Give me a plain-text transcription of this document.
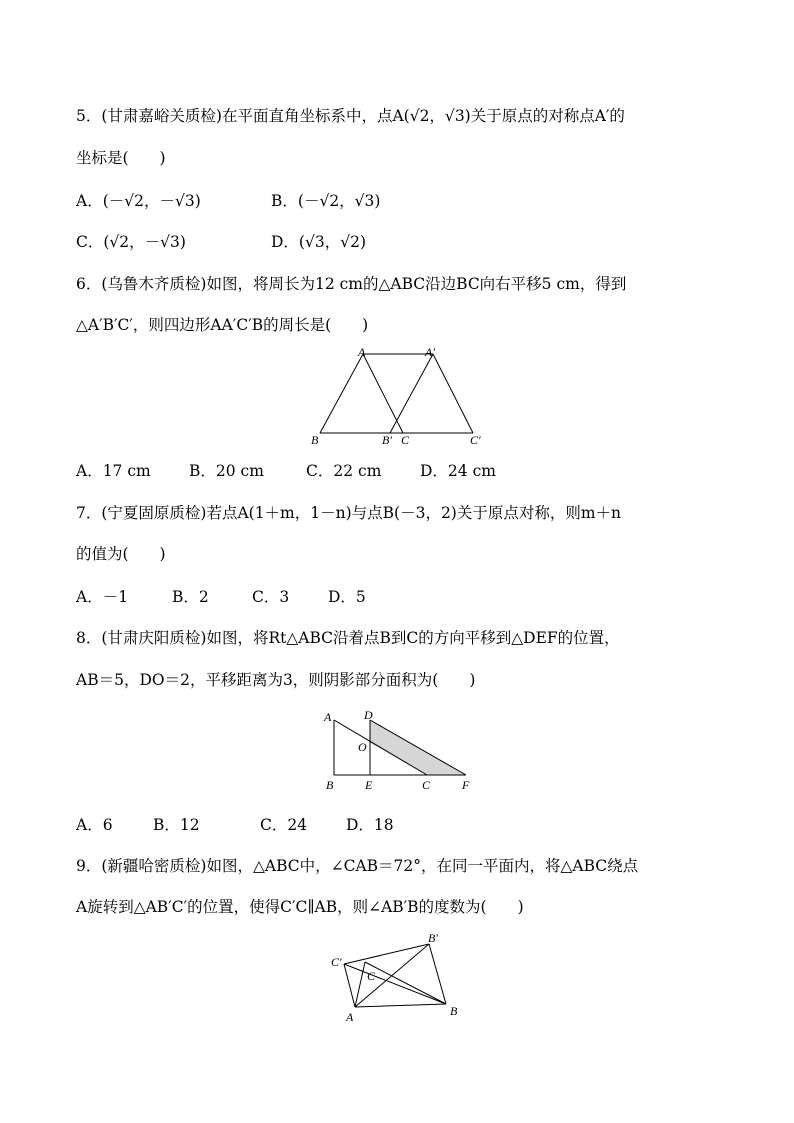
5．(甘肃嘉峪关质检)在平面直角坐标系中，点A(√2，√3)关于原点的对称点A′的
坐标是(　　)
A．(－√2，－√3)	B．(－√2，√3)
C．(√2，－√3)	D．(√3，√2)
6．(乌鲁木齐质检)如图，将周长为12 cm的△ABC沿边BC向右平移5 cm，得到
△A′B′C′，则四边形AA′C′B的周长是(　　)
A	A′
B	B′ C	C′
A．17 cm B．20 cm	C．22 cm D．24 cm
7．(宁夏固原质检)若点A(1＋m，1－n)与点B(－3，2)关于原点对称，则m＋n
的值为(　　)
A．－1	B．2	C．3	D．5
8．(甘肃庆阳质检)如图，将Rt△ABC沿着点B到C的方向平移到△DEF的位置，
AB＝5，DO＝2，平移距离为3，则阴影部分面积为(　　)
A	D
O
B	E	C	F
A．6	B．12	C．24	D．18
9．(新疆哈密质检)如图，△ABC中，∠CAB＝72°，在同一平面内，将△ABC绕点
A旋转到△AB′C′的位置，使得C′C∥AB，则∠AB′B的度数为(　　)
C′
C
B′
A	B
